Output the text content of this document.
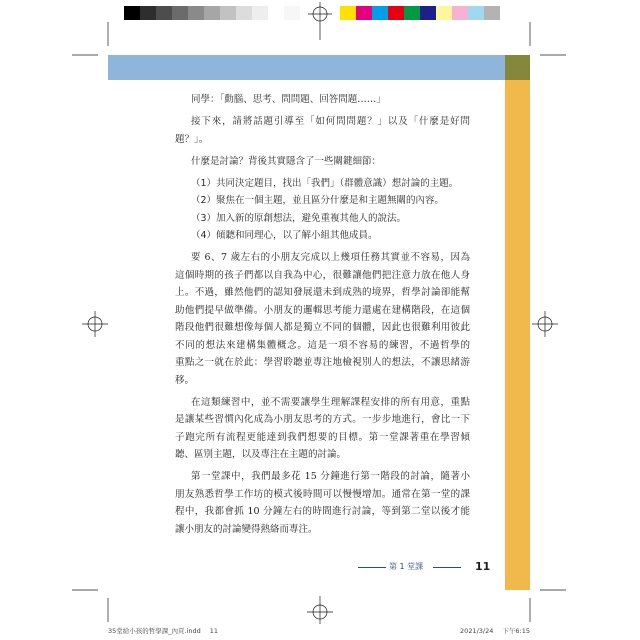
同學：「動腦、思考、問問題、回答問題……」
接下來，請將話題引導至「如何問問題？」以及「什麼是好問
題？」。
什麼是討論？背後其實隱含了一些關鍵細節：
（1）共同決定題目，找出「我們」（群體意識）想討論的主題。
（2）聚焦在一個主題，並且區分什麼是和主題無關的內容。
（3）加入新的原創想法，避免重複其他人的說法。
（4）傾聽和同理心，以了解小組其他成員。
要 6、7 歲左右的小朋友完成以上幾項任務其實並不容易，因為
這個時期的孩子們都以自我為中心，很難讓他們把注意力放在他人身
上。不過，雖然他們的認知發展還未到成熟的境界，哲學討論卻能幫
助他們提早做準備。小朋友的邏輯思考能力還處在建構階段，在這個
階段他們很難想像每個人都是獨立不同的個體，因此也很難利用彼此
不同的想法來建構集體概念。這是一項不容易的練習，不過哲學的
重點之一就在於此：學習聆聽並專注地檢視別人的想法，不讓思緒游
移。
在這類練習中，並不需要讓學生理解課程安排的所有用意，重點
是讓某些習慣內化成為小朋友思考的方式。一步步地進行，會比一下
子跑完所有流程更能達到我們想要的目標。第一堂課著重在學習傾
聽、區別主題，以及專注在主題的討論。
第一堂課中，我們最多花 15 分鐘進行第一階段的討論，隨著小
朋友熟悉哲學工作坊的模式後時間可以慢慢增加。通常在第一堂的課
程中，我都會抓 10 分鐘左右的時間進行討論，等到第二堂以後才能
讓小朋友的討論變得熱絡而專注。
第 1 堂課	11
35堂給小孩的哲學課_內頁.indd 11	2021/3/24 下午6:15
